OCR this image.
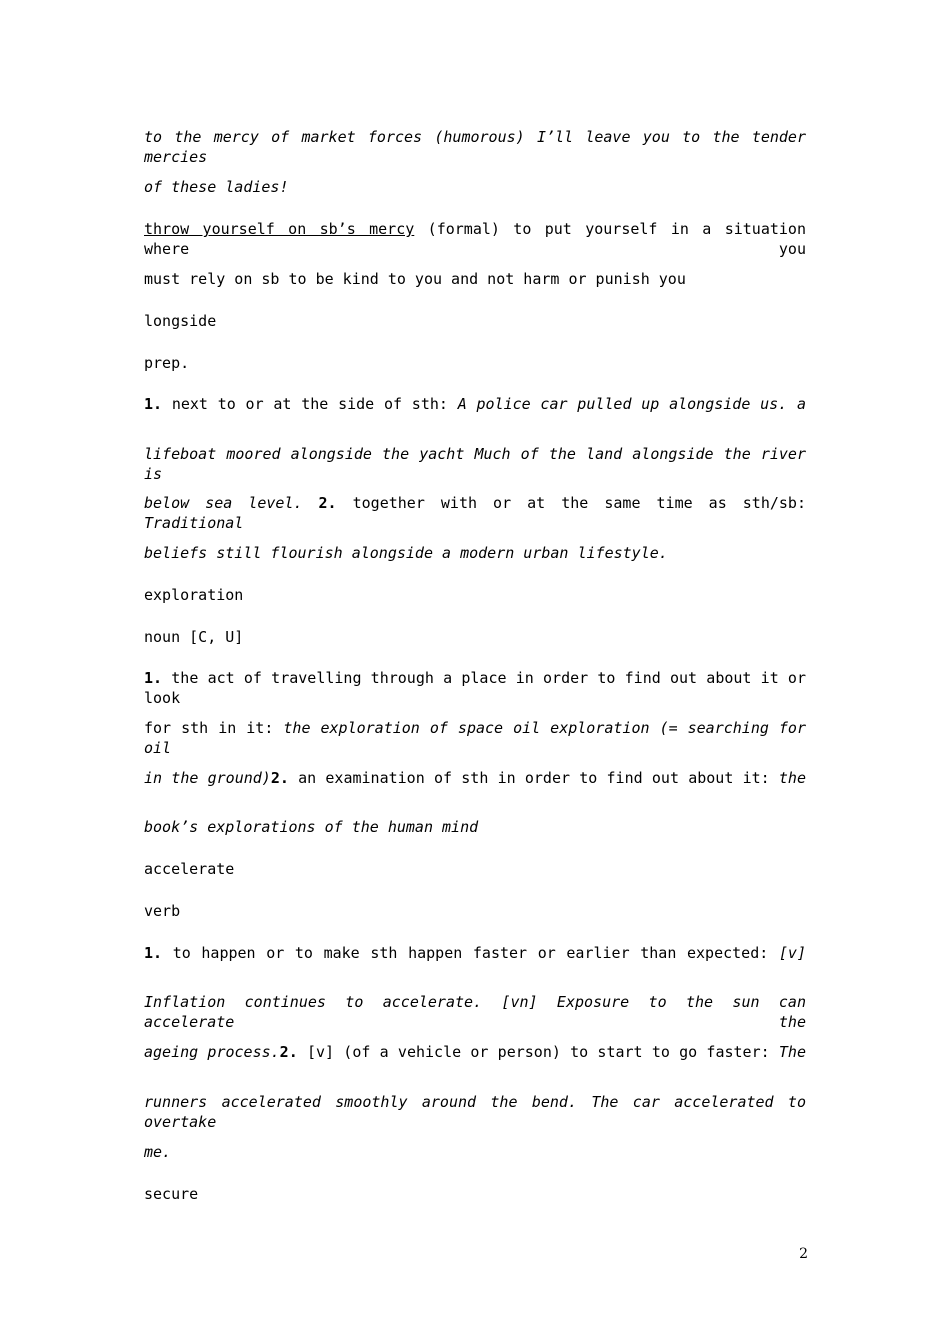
to the mercy of market forces (humorous) I’ll leave you to the tender mercies
of these ladies!
throw yourself on sb’s mercy (formal) to put yourself in a situation where you
must rely on sb to be kind to you and not harm or punish you
longside
prep.
1. next to or at the side of sth: A police car pulled up alongside us. a
lifeboat moored alongside the yacht Much of the land alongside the river is
below sea level. 2. together with or at the same time as sth/sb: Traditional
beliefs still flourish alongside a modern urban lifestyle.
exploration
noun [C, U]
1. the act of travelling through a place in order to find out about it or look
for sth in it: the exploration of space oil exploration (= searching for oil
in the ground)2. an examination of sth in order to find out about it: the
book’s explorations of the human mind
accelerate
verb
1. to happen or to make sth happen faster or earlier than expected: [v]
Inflation continues to accelerate. [vn] Exposure to the sun can accelerate the
ageing process.2. [v] (of a vehicle or person) to start to go faster: The
runners accelerated smoothly around the bend. The car accelerated to overtake
me.
secure
2
